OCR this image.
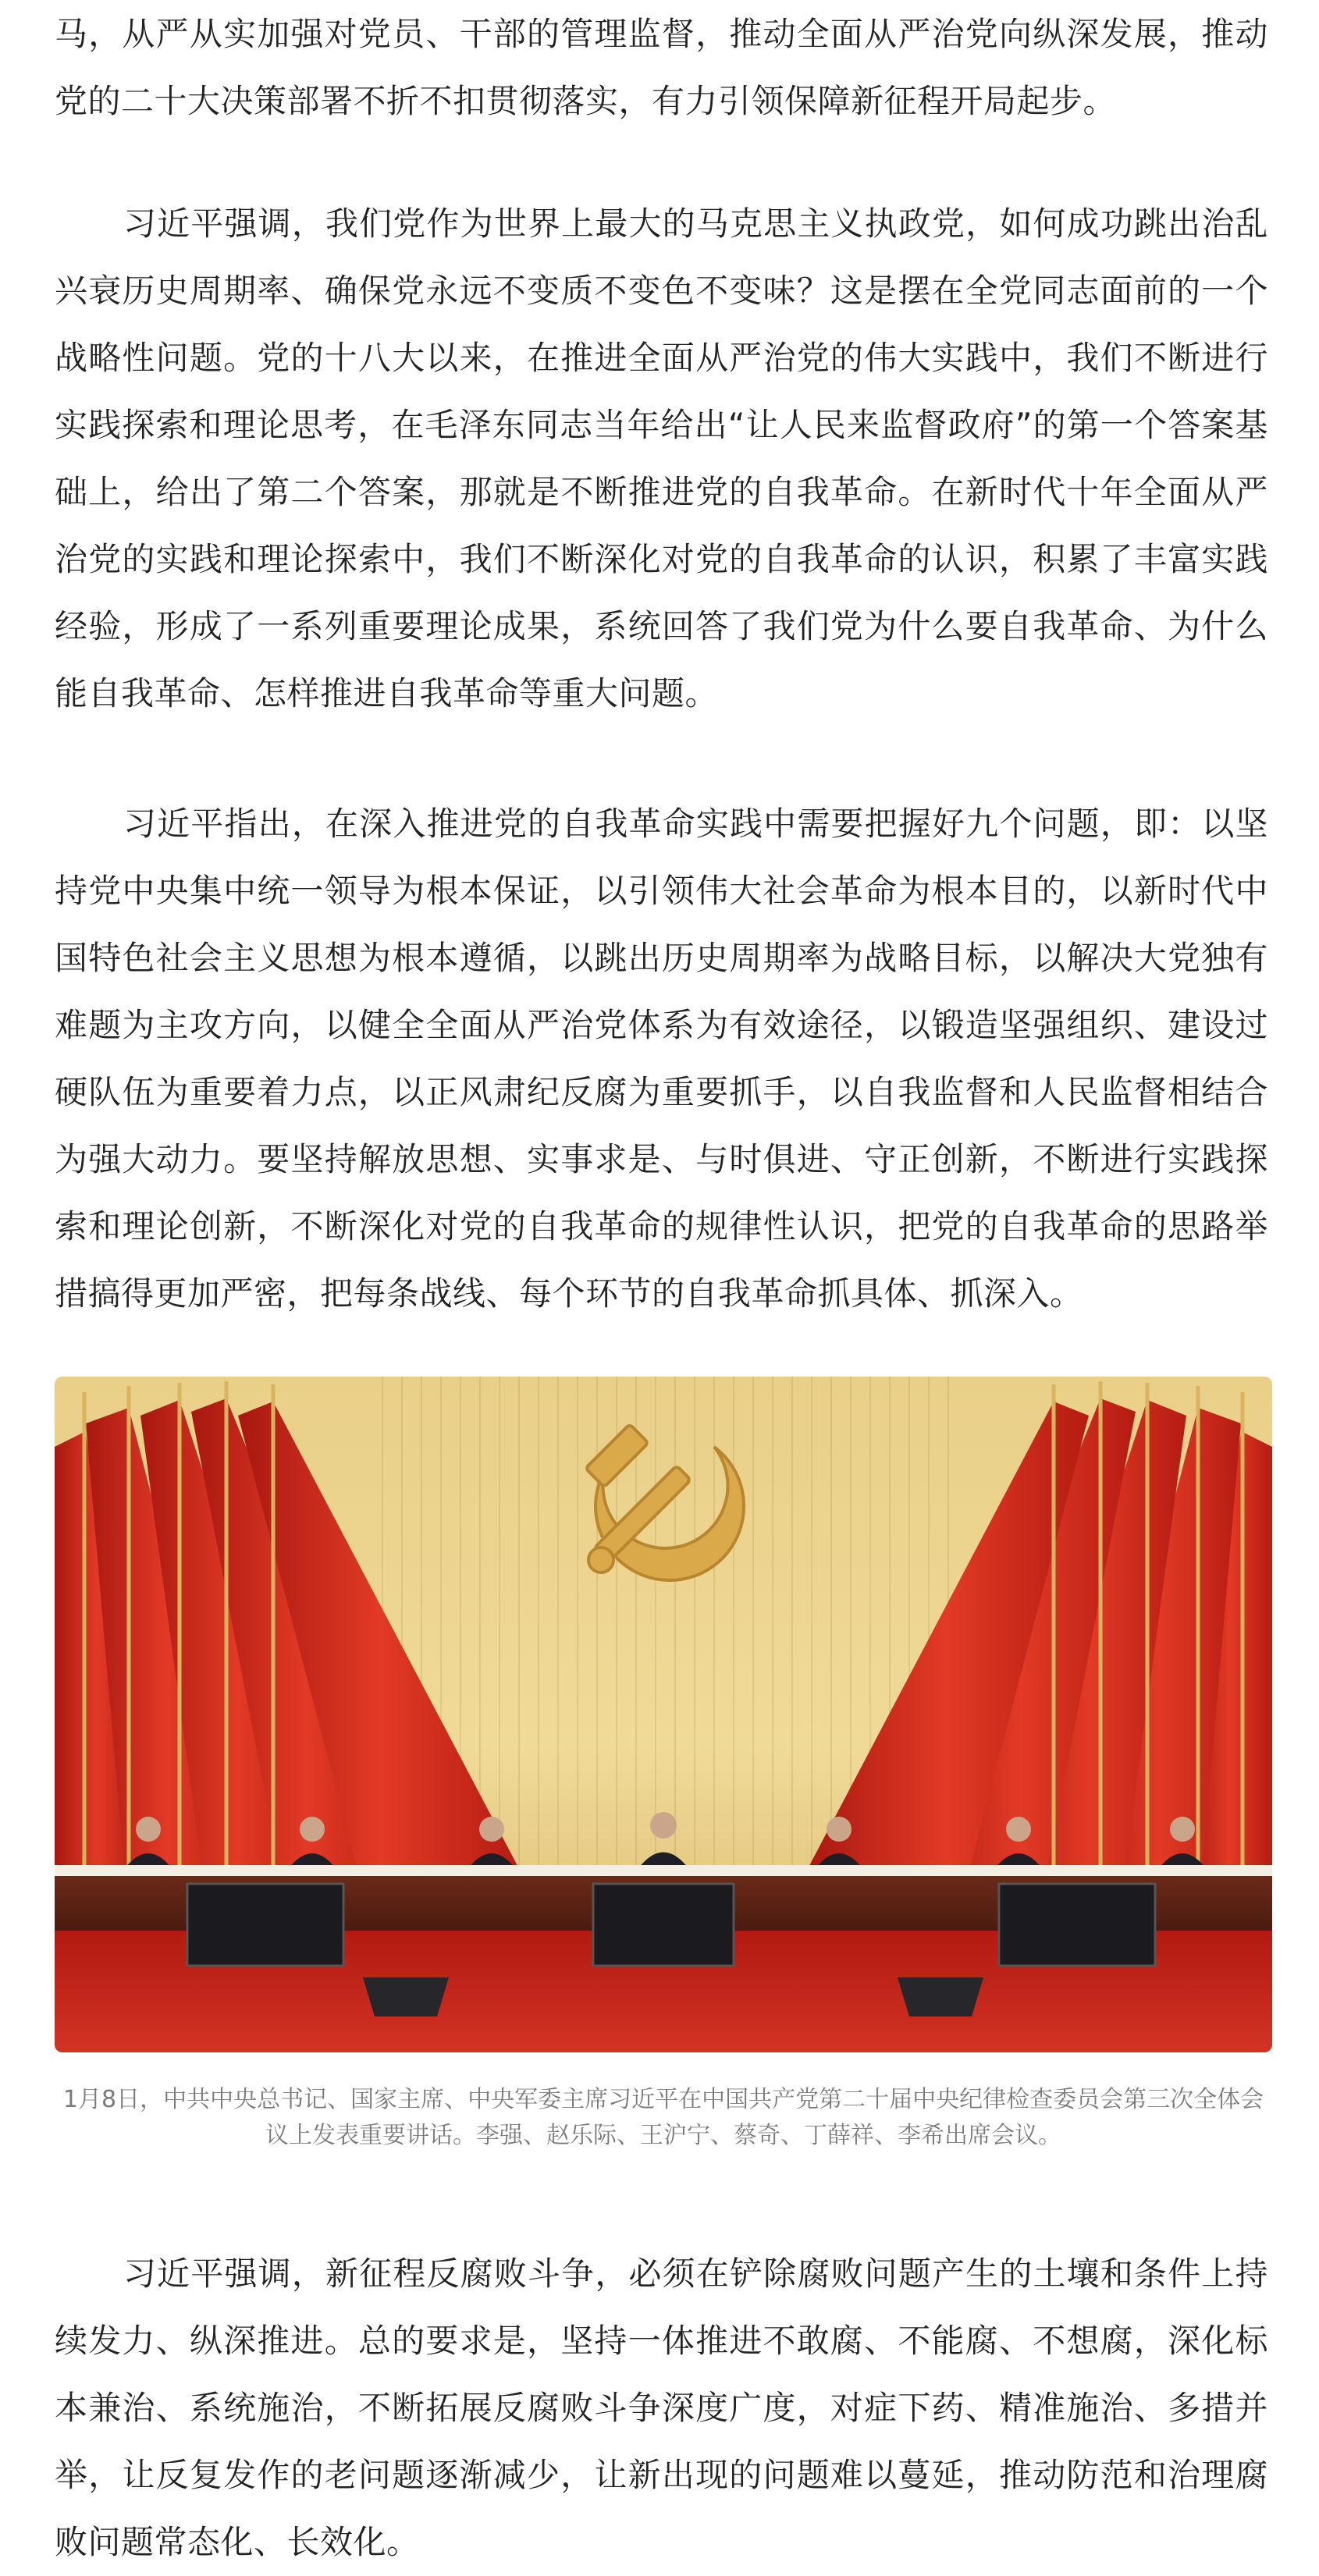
马，从严从实加强对党员、干部的管理监督，推动全面从严治党向纵深发展，推动党的二十大决策部署不折不扣贯彻落实，有力引领保障新征程开局起步。

习近平强调，我们党作为世界上最大的马克思主义执政党，如何成功跳出治乱兴衰历史周期率、确保党永远不变质不变色不变味？这是摆在全党同志面前的一个战略性问题。党的十八大以来，在推进全面从严治党的伟大实践中，我们不断进行实践探索和理论思考，在毛泽东同志当年给出“让人民来监督政府”的第一个答案基础上，给出了第二个答案，那就是不断推进党的自我革命。在新时代十年全面从严治党的实践和理论探索中，我们不断深化对党的自我革命的认识，积累了丰富实践经验，形成了一系列重要理论成果，系统回答了我们党为什么要自我革命、为什么能自我革命、怎样推进自我革命等重大问题。

习近平指出，在深入推进党的自我革命实践中需要把握好九个问题，即：以坚持党中央集中统一领导为根本保证，以引领伟大社会革命为根本目的，以新时代中国特色社会主义思想为根本遵循，以跳出历史周期率为战略目标，以解决大党独有难题为主攻方向，以健全全面从严治党体系为有效途径，以锻造坚强组织、建设过硬队伍为重要着力点，以正风肃纪反腐为重要抓手，以自我监督和人民监督相结合为强大动力。要坚持解放思想、实事求是、与时俱进、守正创新，不断进行实践探索和理论创新，不断深化对党的自我革命的规律性认识，把党的自我革命的思路举措搞得更加严密，把每条战线、每个环节的自我革命抓具体、抓深入。

1月8日，中共中央总书记、国家主席、中央军委主席习近平在中国共产党第二十届中央纪律检查委员会第三次全体会议上发表重要讲话。李强、赵乐际、王沪宁、蔡奇、丁薛祥、李希出席会议。

习近平强调，新征程反腐败斗争，必须在铲除腐败问题产生的土壤和条件上持续发力、纵深推进。总的要求是，坚持一体推进不敢腐、不能腐、不想腐，深化标本兼治、系统施治，不断拓展反腐败斗争深度广度，对症下药、精准施治、多措并举，让反复发作的老问题逐渐减少，让新出现的问题难以蔓延，推动防范和治理腐败问题常态化、长效化。
